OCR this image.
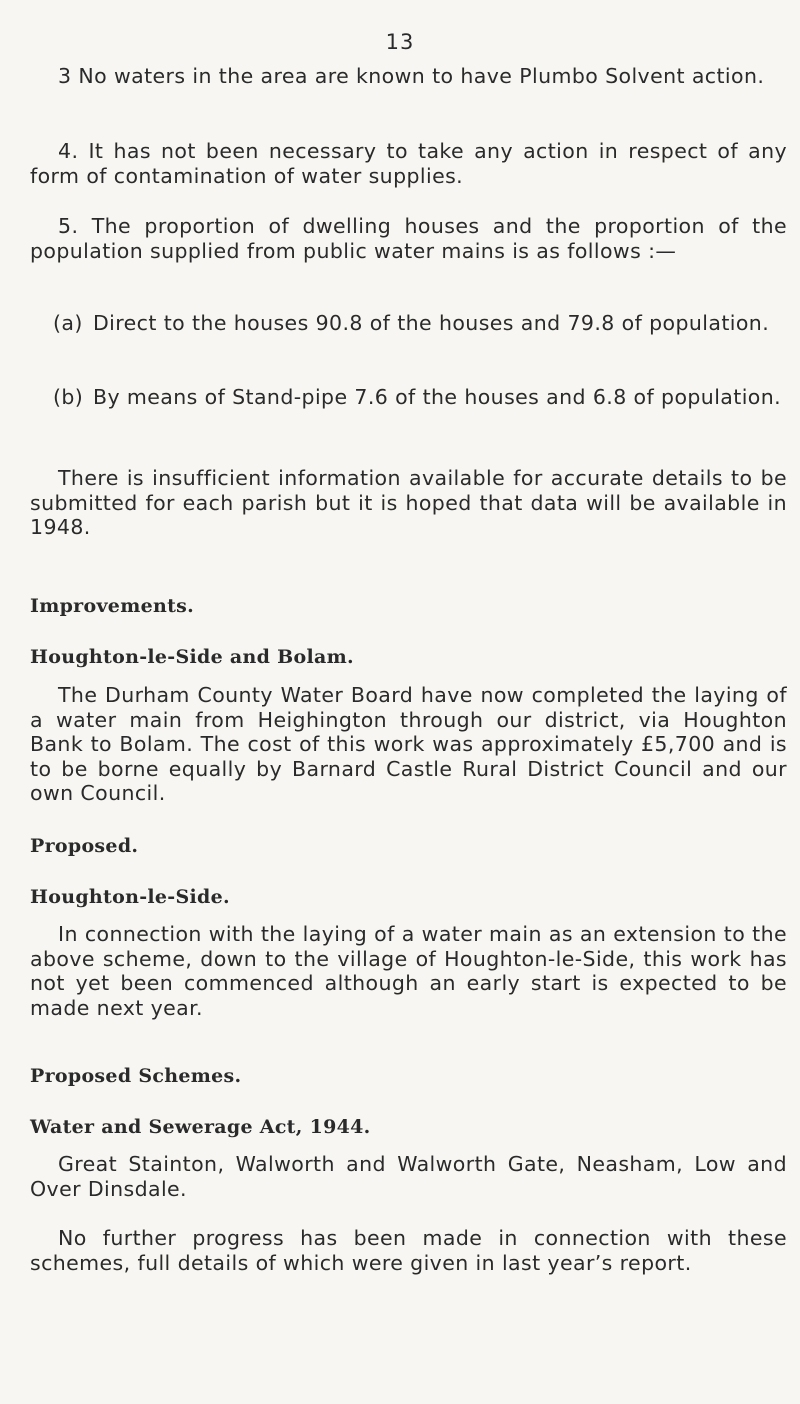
13

3 No waters in the area are known to have Plumbo Solvent action.

4. It has not been necessary to take any action in respect of any form of contamination of water supplies.

5. The proportion of dwelling houses and the proportion of the population supplied from public water mains is as follows :—

(a) Direct to the houses 90.8 of the houses and 79.8 of population.
(b) By means of Stand-pipe 7.6 of the houses and 6.8 of population.

There is insufficient information available for accurate details to be submitted for each parish but it is hoped that data will be available in 1948.

Improvements.
Houghton-le-Side and Bolam.

The Durham County Water Board have now completed the laying of a water main from Heighington through our district, via Houghton Bank to Bolam. The cost of this work was approximately £5,700 and is to be borne equally by Barnard Castle Rural District Council and our own Council.

Proposed.
Houghton-le-Side.

In connection with the laying of a water main as an extension to the above scheme, down to the village of Houghton-le-Side, this work has not yet been commenced although an early start is expected to be made next year.

Proposed Schemes.
Water and Sewerage Act, 1944.

Great Stainton, Walworth and Walworth Gate, Neasham, Low and Over Dinsdale.

No further progress has been made in connection with these schemes, full details of which were given in last year’s report.
